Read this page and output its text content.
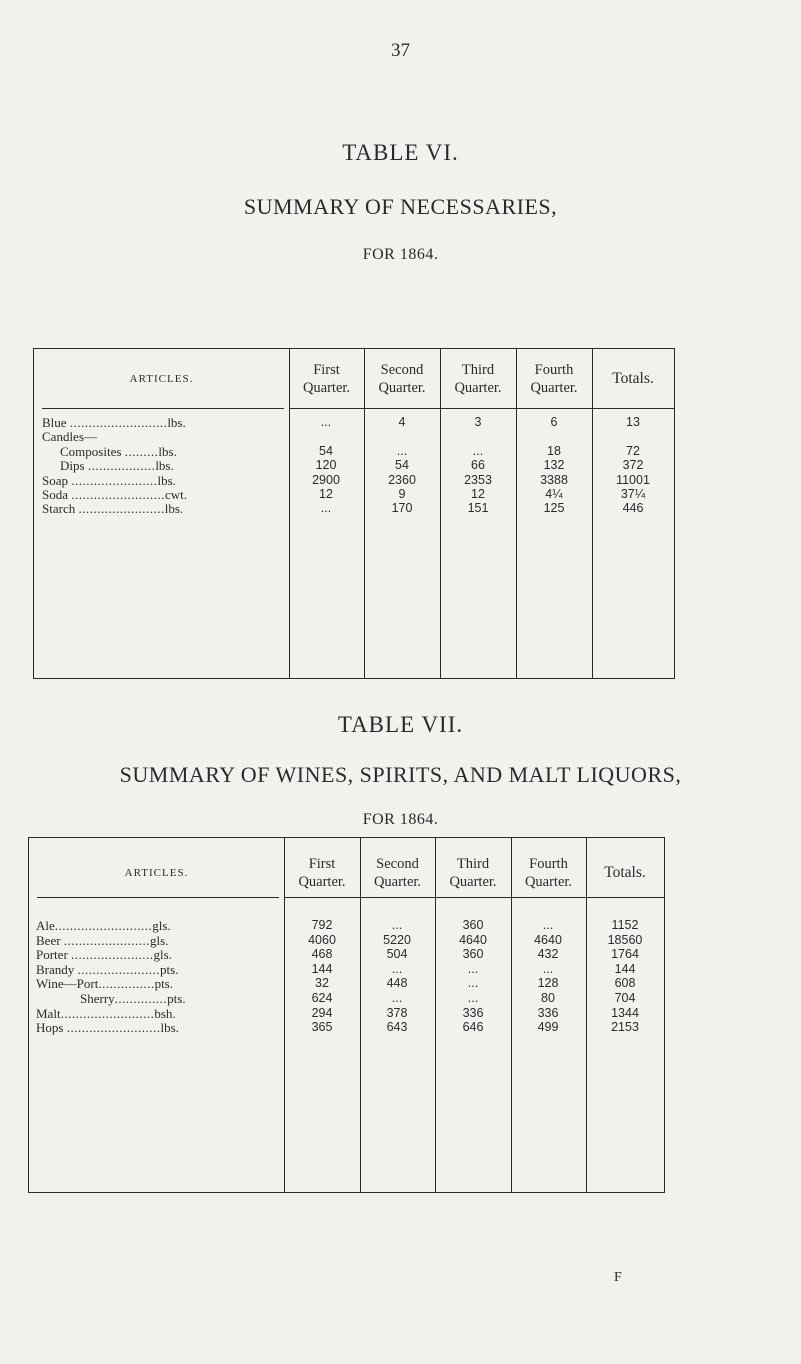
37
TABLE VI.
SUMMARY OF NECESSARIES,
FOR 1864.
ARTICLES.
First
Quarter.
Second
Quarter.
Third
Quarter.
Fourth
Quarter.
Totals.
Blue ..........................lbs.	...	4	3	6	13
Candles—
Composites .........lbs.	54	...	...	18	72
Dips ..................lbs.	120	54	66	132	372
Soap .......................lbs.	2900	2360	2353	3388	11001
Soda .........................cwt.	12	9	12	4¼	37¼
Starch .......................lbs.	...	170	151	125	446
TABLE VII.
SUMMARY OF WINES, SPIRITS, AND MALT LIQUORS,
FOR 1864.
ARTICLES.
First
Quarter.
Second
Quarter.
Third
Quarter.
Fourth
Quarter.
Totals.
Ale..........................gls.	792	...	360	...	1152
Beer .......................gls.	4060	5220	4640	4640	18560
Porter ......................gls.	468	504	360	432	1764
Brandy ......................pts.	144	...	...	...	144
Wine—Port...............pts.	32	448	...	128	608
Sherry..............pts.	624	...	...	80	704
Malt.........................bsh.	294	378	336	336	1344
Hops .........................lbs.	365	643	646	499	2153
F
